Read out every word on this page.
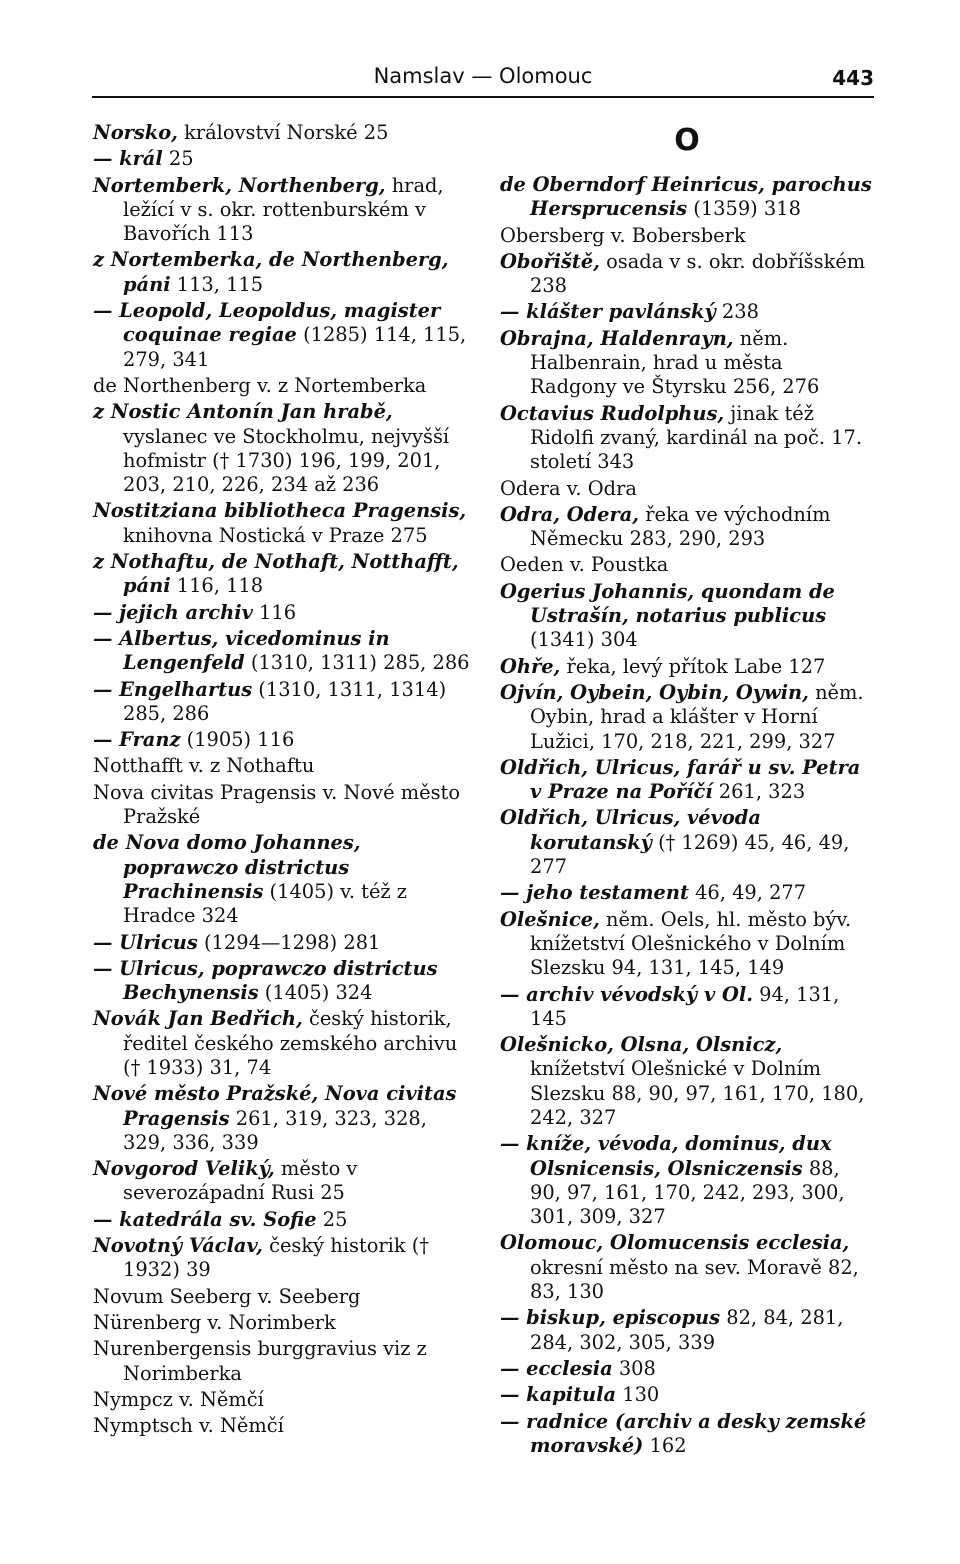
Namslav — Olomouc	443
Norsko, království Norské 25
— král 25
Nortemberk, Northenberg, hrad, ležící v s. okr. rottenburském v Bavořích 113
z Nortemberka, de Northenberg, páni 113, 115
— Leopold, Leopoldus, magister coquinae regiae (1285) 114, 115, 279, 341
de Northenberg v. z Nortemberka
z Nostic Antonín Jan hrabě, vyslanec ve Stockholmu, nejvyšší hofmistr († 1730) 196, 199, 201, 203, 210, 226, 234 až 236
Nostitziana bibliotheca Pragensis, knihovna Nostická v Praze 275
z Nothaftu, de Nothaft, Notthafft, páni 116, 118
— jejich archiv 116
— Albertus, vicedominus in Lengenfeld (1310, 1311) 285, 286
— Engelhartus (1310, 1311, 1314) 285, 286
— Franz (1905) 116
Notthafft v. z Nothaftu
Nova civitas Pragensis v. Nové město Pražské
de Nova domo Johannes, poprawczo districtus Prachinensis (1405) v. též z Hradce 324
— Ulricus (1294—1298) 281
— Ulricus, poprawczo districtus Bechynensis (1405) 324
Novák Jan Bedřich, český historik, ředitel českého zemského archivu († 1933) 31, 74
Nové město Pražské, Nova civitas Pragensis 261, 319, 323, 328, 329, 336, 339
Novgorod Veliký, město v severozápadní Rusi 25
— katedrála sv. Sofie 25
Novotný Václav, český historik († 1932) 39
Novum Seeberg v. Seeberg
Nürenberg v. Norimberk
Nurenbergensis burggravius viz z Norimberka
Nympcz v. Němčí
Nymptsch v. Němčí
O
de Oberndorf Heinricus, parochus Hersprucensis (1359) 318
Obersberg v. Bobersberk
Obořiště, osada v s. okr. dobříšském 238
— klášter pavlánský 238
Obrajna, Haldenrayn, něm. Halbenrain, hrad u města Radgony ve Štyrsku 256, 276
Octavius Rudolphus, jinak též Ridolfi zvaný, kardinál na poč. 17. století 343
Odera v. Odra
Odra, Odera, řeka ve východním Německu 283, 290, 293
Oeden v. Poustka
Ogerius Johannis, quondam de Ustrašín, notarius publicus (1341) 304
Ohře, řeka, levý přítok Labe 127
Ojvín, Oybein, Oybin, Oywin, něm. Oybin, hrad a klášter v Horní Lužici, 170, 218, 221, 299, 327
Oldřich, Ulricus, farář u sv. Petra v Praze na Poříčí 261, 323
Oldřich, Ulricus, vévoda korutanský († 1269) 45, 46, 49, 277
— jeho testament 46, 49, 277
Olešnice, něm. Oels, hl. město býv. knížetství Olešnického v Dolním Slezsku 94, 131, 145, 149
— archiv vévodský v Ol. 94, 131, 145
Olešnicko, Olsna, Olsnicz, knížetství Olešnické v Dolním Slezsku 88, 90, 97, 161, 170, 180, 242, 327
— kníže, vévoda, dominus, dux Olsnicensis, Olsniczensis 88, 90, 97, 161, 170, 242, 293, 300, 301, 309, 327
Olomouc, Olomucensis ecclesia, okresní město na sev. Moravě 82, 83, 130
— biskup, episcopus 82, 84, 281, 284, 302, 305, 339
— ecclesia 308
— kapitula 130
— radnice (archiv a desky zemské moravské) 162
